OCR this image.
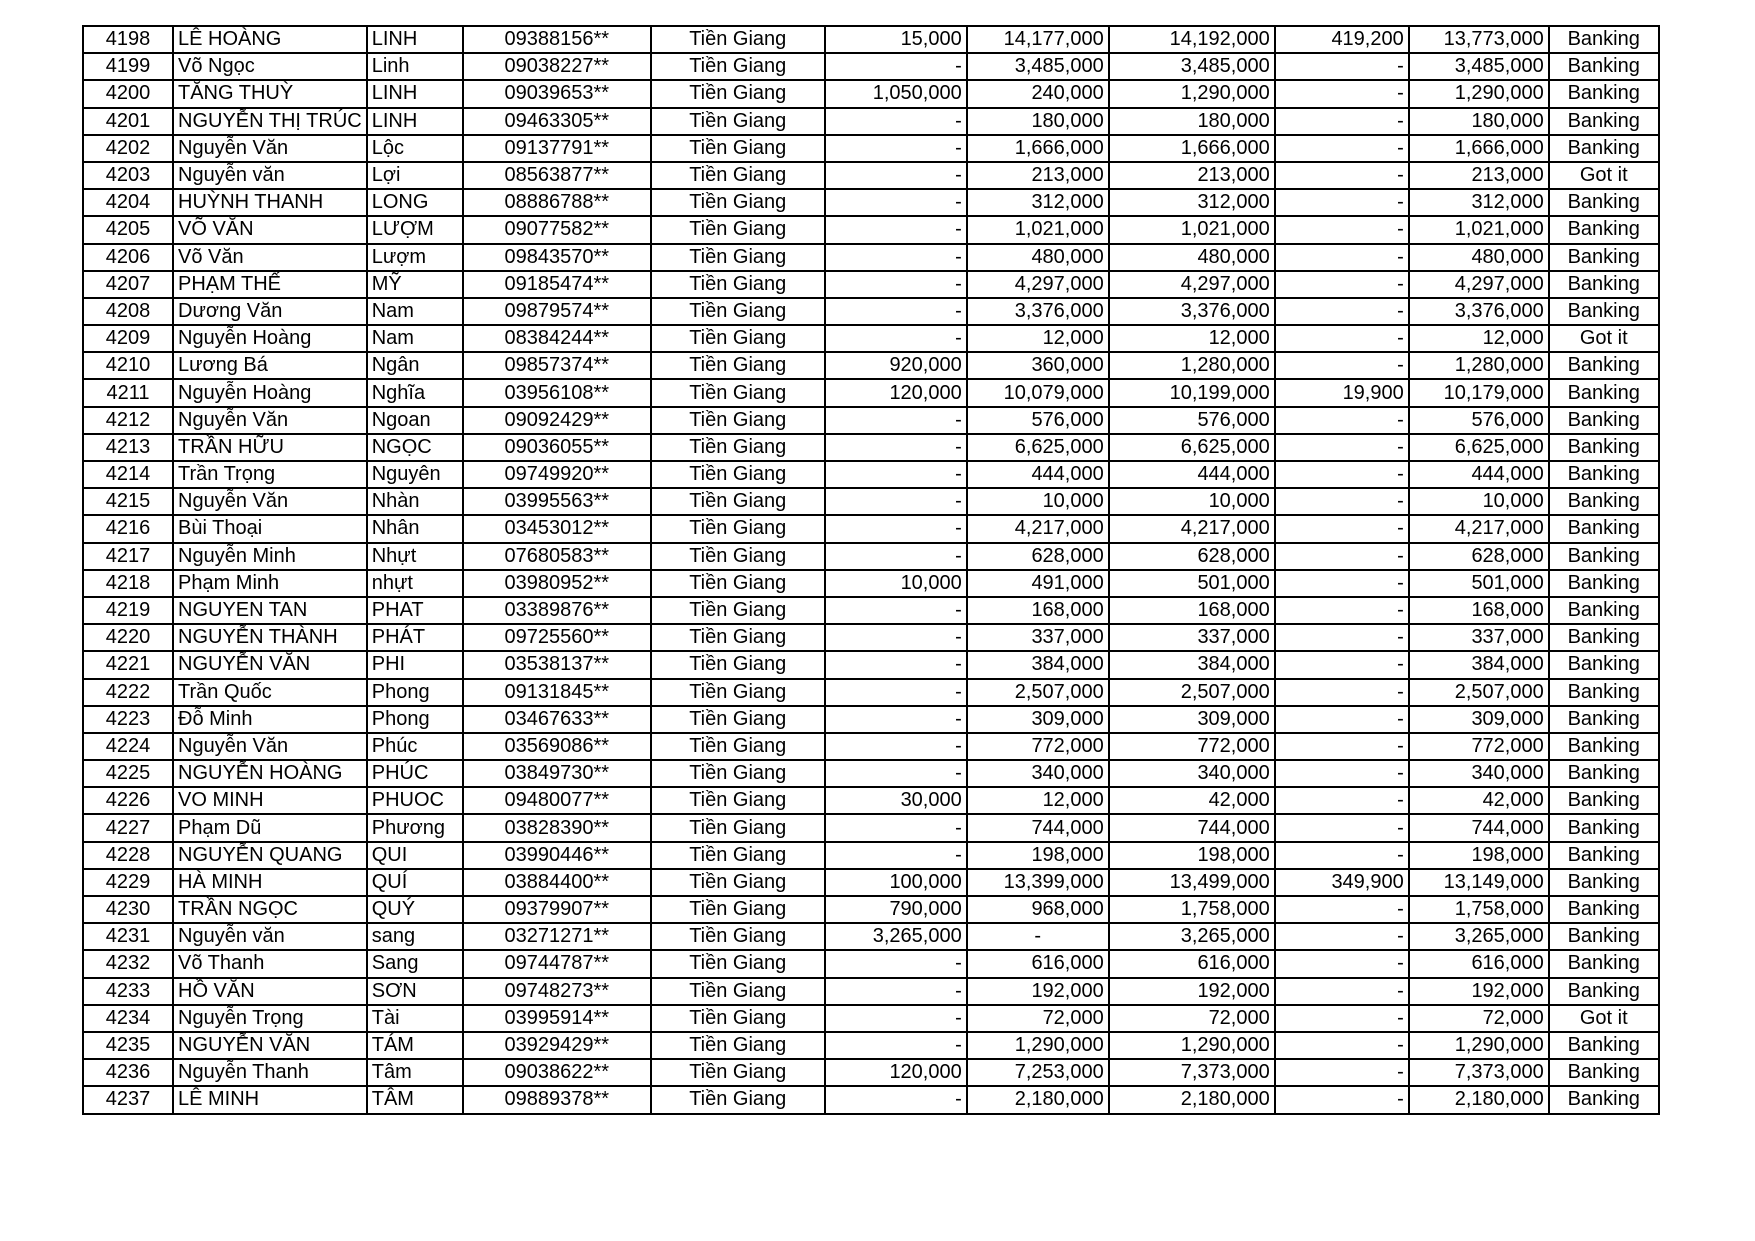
4198	LÊ HOÀNG	LINH	09388156**	Tiền Giang	15,000	14,177,000	14,192,000	419,200	13,773,000	Banking
4199	Võ Ngọc	Linh	09038227**	Tiền Giang	-	3,485,000	3,485,000	-	3,485,000	Banking
4200	TĂNG THUỲ	LINH	09039653**	Tiền Giang	1,050,000	240,000	1,290,000	-	1,290,000	Banking
4201	NGUYỄN THỊ TRÚC	LINH	09463305**	Tiền Giang	-	180,000	180,000	-	180,000	Banking
4202	Nguyễn Văn	Lộc	09137791**	Tiền Giang	-	1,666,000	1,666,000	-	1,666,000	Banking
4203	Nguyễn văn	Lợi	08563877**	Tiền Giang	-	213,000	213,000	-	213,000	Got it
4204	HUỲNH THANH	LONG	08886788**	Tiền Giang	-	312,000	312,000	-	312,000	Banking
4205	VÕ VĂN	LƯỢM	09077582**	Tiền Giang	-	1,021,000	1,021,000	-	1,021,000	Banking
4206	Võ Văn	Lượm	09843570**	Tiền Giang	-	480,000	480,000	-	480,000	Banking
4207	PHẠM THẾ	MỸ	09185474**	Tiền Giang	-	4,297,000	4,297,000	-	4,297,000	Banking
4208	Dương Văn	Nam	09879574**	Tiền Giang	-	3,376,000	3,376,000	-	3,376,000	Banking
4209	Nguyễn Hoàng	Nam	08384244**	Tiền Giang	-	12,000	12,000	-	12,000	Got it
4210	Lương Bá	Ngân	09857374**	Tiền Giang	920,000	360,000	1,280,000	-	1,280,000	Banking
4211	Nguyễn Hoàng	Nghĩa	03956108**	Tiền Giang	120,000	10,079,000	10,199,000	19,900	10,179,000	Banking
4212	Nguyễn Văn	Ngoan	09092429**	Tiền Giang	-	576,000	576,000	-	576,000	Banking
4213	TRẦN HỮU	NGỌC	09036055**	Tiền Giang	-	6,625,000	6,625,000	-	6,625,000	Banking
4214	Trần Trọng	Nguyên	09749920**	Tiền Giang	-	444,000	444,000	-	444,000	Banking
4215	Nguyễn Văn	Nhàn	03995563**	Tiền Giang	-	10,000	10,000	-	10,000	Banking
4216	Bùi Thoại	Nhân	03453012**	Tiền Giang	-	4,217,000	4,217,000	-	4,217,000	Banking
4217	Nguyễn Minh	Nhựt	07680583**	Tiền Giang	-	628,000	628,000	-	628,000	Banking
4218	Phạm Minh	nhựt	03980952**	Tiền Giang	10,000	491,000	501,000	-	501,000	Banking
4219	NGUYEN TAN	PHAT	03389876**	Tiền Giang	-	168,000	168,000	-	168,000	Banking
4220	NGUYỄN THÀNH	PHÁT	09725560**	Tiền Giang	-	337,000	337,000	-	337,000	Banking
4221	NGUYỄN VĂN	PHI	03538137**	Tiền Giang	-	384,000	384,000	-	384,000	Banking
4222	Trần Quốc	Phong	09131845**	Tiền Giang	-	2,507,000	2,507,000	-	2,507,000	Banking
4223	Đỗ Minh	Phong	03467633**	Tiền Giang	-	309,000	309,000	-	309,000	Banking
4224	Nguyễn Văn	Phúc	03569086**	Tiền Giang	-	772,000	772,000	-	772,000	Banking
4225	NGUYỄN HOÀNG	PHÚC	03849730**	Tiền Giang	-	340,000	340,000	-	340,000	Banking
4226	VO MINH	PHUOC	09480077**	Tiền Giang	30,000	12,000	42,000	-	42,000	Banking
4227	Phạm Dũ	Phương	03828390**	Tiền Giang	-	744,000	744,000	-	744,000	Banking
4228	NGUYỄN QUANG	QUI	03990446**	Tiền Giang	-	198,000	198,000	-	198,000	Banking
4229	HÀ MINH	QUÍ	03884400**	Tiền Giang	100,000	13,399,000	13,499,000	349,900	13,149,000	Banking
4230	TRẦN NGỌC	QUÝ	09379907**	Tiền Giang	790,000	968,000	1,758,000	-	1,758,000	Banking
4231	Nguyễn văn	sang	03271271**	Tiền Giang	3,265,000	-	3,265,000	-	3,265,000	Banking
4232	Võ Thanh	Sang	09744787**	Tiền Giang	-	616,000	616,000	-	616,000	Banking
4233	HỒ VĂN	SƠN	09748273**	Tiền Giang	-	192,000	192,000	-	192,000	Banking
4234	Nguyễn Trọng	Tài	03995914**	Tiền Giang	-	72,000	72,000	-	72,000	Got it
4235	NGUYỄN VĂN	TÁM	03929429**	Tiền Giang	-	1,290,000	1,290,000	-	1,290,000	Banking
4236	Nguyễn Thanh	Tâm	09038622**	Tiền Giang	120,000	7,253,000	7,373,000	-	7,373,000	Banking
4237	LÊ MINH	TÂM	09889378**	Tiền Giang	-	2,180,000	2,180,000	-	2,180,000	Banking
